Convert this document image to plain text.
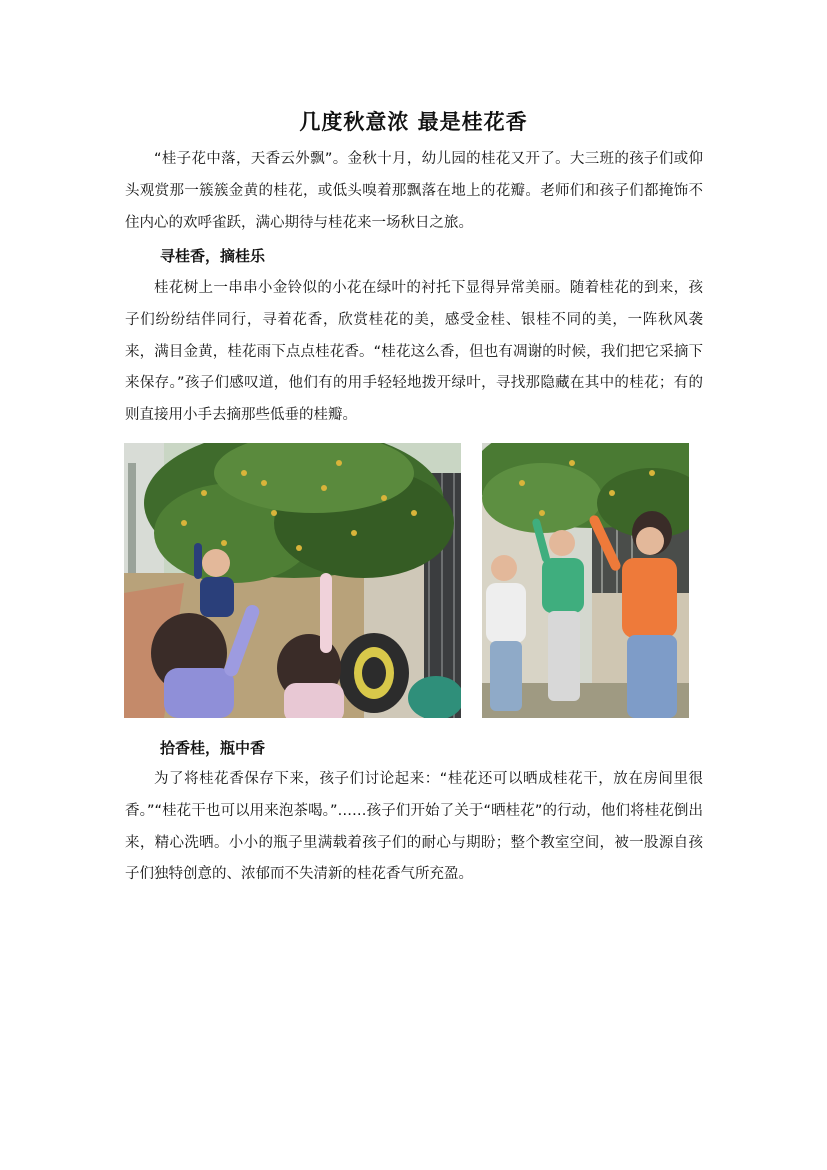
几度秋意浓 最是桂花香

“桂子花中落，天香云外飘”。金秋十月，幼儿园的桂花又开了。大三班的孩子们或仰头观赏那一簇簇金黄的桂花，或低头嗅着那飘落在地上的花瓣。老师们和孩子们都掩饰不住内心的欢呼雀跃，满心期待与桂花来一场秋日之旅。

寻桂香，摘桂乐

桂花树上一串串小金铃似的小花在绿叶的衬托下显得异常美丽。随着桂花的到来，孩子们纷纷结伴同行，寻着花香，欣赏桂花的美，感受金桂、银桂不同的美，一阵秋风袭来，满目金黄，桂花雨下点点桂花香。“桂花这么香，但也有凋谢的时候，我们把它采摘下来保存。”孩子们感叹道，他们有的用手轻轻地拨开绿叶，寻找那隐藏在其中的桂花；有的则直接用小手去摘那些低垂的桂瓣。

拾香桂，瓶中香

为了将桂花香保存下来，孩子们讨论起来：“桂花还可以晒成桂花干，放在房间里很香。”“桂花干也可以用来泡茶喝。”……孩子们开始了关于“晒桂花”的行动，他们将桂花倒出来，精心洗晒。小小的瓶子里满载着孩子们的耐心与期盼；整个教室空间，被一股源自孩子们独特创意的、浓郁而不失清新的桂花香气所充盈。
